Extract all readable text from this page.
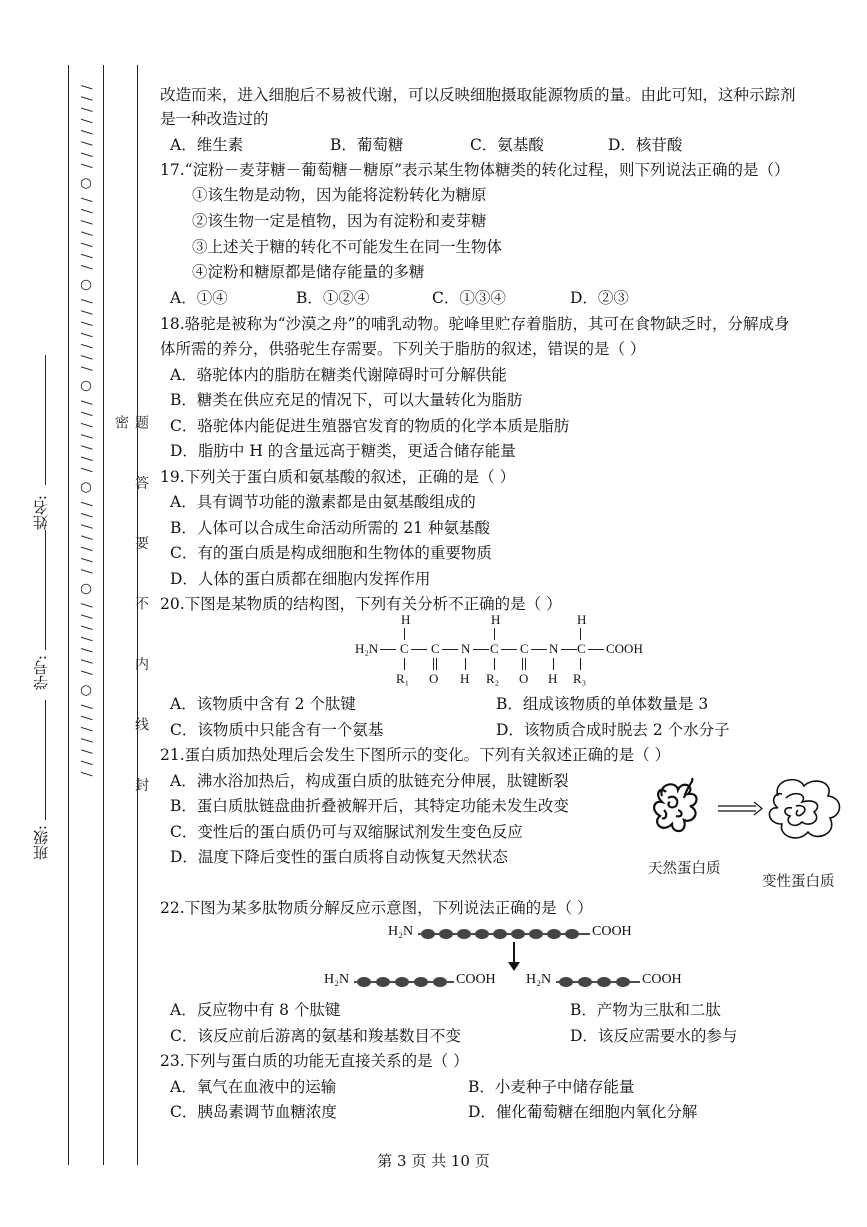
/ / / / / / / / ○ / / / / / / / ○ / / / / / / / ○ / / / / / / / ○ / / / / / / / ○ / / / / / / / ○ / / / / / / /	题 答 要 不 内 线 封 密
姓名:
学号:
班级:
改造而来，进入细胞后不易被代谢，可以反映细胞摄取能源物质的量。由此可知，这种示踪剂
是一种改造过的
A．维生素	B．葡萄糖	C．氨基酸	D．核苷酸
17.“淀粉－麦芽糖－葡萄糖－糖原”表示某生物体糖类的转化过程，则下列说法正确的是（）
①该生物是动物，因为能将淀粉转化为糖原
②该生物一定是植物，因为有淀粉和麦芽糖
③上述关于糖的转化不可能发生在同一生物体
④淀粉和糖原都是储存能量的多糖
A．①④	B．①②④	C．①③④	D．②③
18.骆驼是被称为“沙漠之舟”的哺乳动物。驼峰里贮存着脂肪，其可在食物缺乏时，分解成身
体所需的养分，供骆驼生存需要。下列关于脂肪的叙述，错误的是（ ）
A．骆驼体内的脂肪在糖类代谢障碍时可分解供能
B．糖类在供应充足的情况下，可以大量转化为脂肪
C．骆驼体内能促进生殖器官发育的物质的化学本质是脂肪
D．脂肪中 H 的含量远高于糖类，更适合储存能量
19.下列关于蛋白质和氨基酸的叙述，正确的是（ ）
A．具有调节功能的激素都是由氨基酸组成的
B．人体可以合成生命活动所需的 21 种氨基酸
C．有的蛋白质是构成细胞和生物体的重要物质
D．人体的蛋白质都在细胞内发挥作用
20.下图是某物质的结构图，下列有关分析不正确的是（ ）
H	H	H
H₂N C C N C C N C COOH
R₁ O H R₂ O H R₃
A．该物质中含有 2 个肽键	B．组成该物质的单体数量是 3
C．该物质中只能含有一个氨基	D．该物质合成时脱去 2 个水分子
21.蛋白质加热处理后会发生下图所示的变化。下列有关叙述正确的是（ ）
A．沸水浴加热后，构成蛋白质的肽链充分伸展，肽键断裂
B．蛋白质肽链盘曲折叠被解开后，其特定功能未发生改变
C．变性后的蛋白质仍可与双缩脲试剂发生变色反应
D．温度下降后变性的蛋白质将自动恢复天然状态
天然蛋白质
变性蛋白质
22.下图为某多肽物质分解反应示意图，下列说法正确的是（ ）
H₂N	COOH
H₂N	COOH H₂N	COOH
A．反应物中有 8 个肽键	B．产物为三肽和二肽
C．该反应前后游离的氨基和羧基数目不变	D．该反应需要水的参与
23.下列与蛋白质的功能无直接关系的是（ ）
A．氧气在血液中的运输	B．小麦种子中储存能量
C．胰岛素调节血糖浓度	D．催化葡萄糖在细胞内氧化分解
第 3 页 共 10 页
